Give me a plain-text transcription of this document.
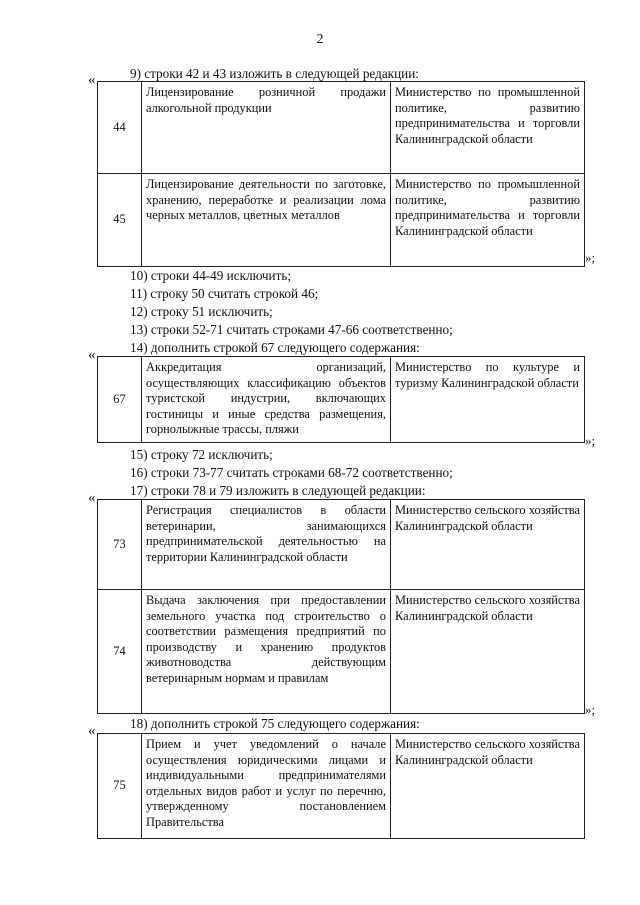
2
9) строки 42 и 43 изложить в следующей редакции:
«
44	Лицензирование розничной продажи алкогольной продукции	Министерство по промышленной политике, развитию предпринимательства и торговли Калининградской области
45	Лицензирование деятельности по заготовке, хранению, переработке и реализации лома черных металлов, цветных металлов	Министерство по промышленной политике, развитию предпринимательства и торговли Калининградской области
»;
10) строки 44-49 исключить;
11) строку 50 считать строкой 46;
12) строку 51 исключить;
13) строки 52-71 считать строками 47-66 соответственно;
14) дополнить строкой 67 следующего содержания:
«
67	Аккредитация организаций, осуществляющих классификацию объектов туристской индустрии, включающих гостиницы и иные средства размещения, горнолыжные трассы, пляжи	Министерство по культуре и туризму Калининградской области
»;
15) строку 72 исключить;
16) строки 73-77 считать строками 68-72 соответственно;
17) строки 78 и 79 изложить в следующей редакции:
«
73	Регистрация специалистов в области ветеринарии, занимающихся предпринимательской деятельностью на территории Калининградской области	Министерство сельского хозяйства Калининградской области
74	Выдача заключения при предоставлении земельного участка под строительство о соответствии размещения предприятий по производству и хранению продуктов животноводства действующим ветеринарным нормам и правилам	Министерство сельского хозяйства Калининградской области
»;
18) дополнить строкой 75 следующего содержания:
«
75	Прием и учет уведомлений о начале осуществления юридическими лицами и индивидуальными предпринимателями отдельных видов работ и услуг по перечню, утвержденному постановлением Правительства	Министерство сельского хозяйства Калининградской области
